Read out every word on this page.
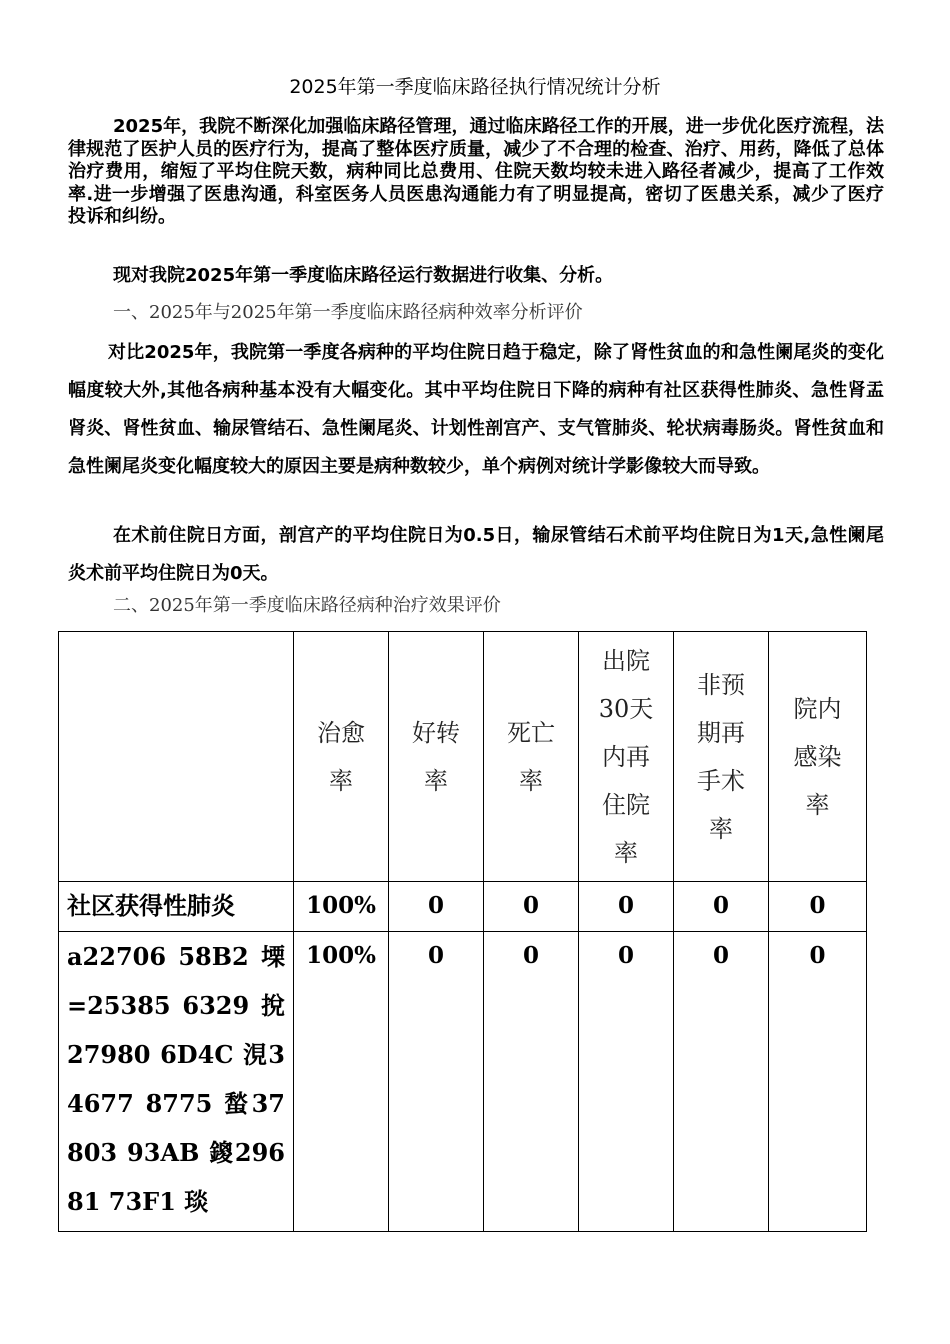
2025年第一季度临床路径执行情况统计分析
2025年，我院不断深化加强临床路径管理，通过临床路径工作的开展，进一步优化医疗流程，法律规范了医护人员的医疗行为，提高了整体医疗质量，减少了不合理的检查、治疗、用药，降低了总体治疗费用，缩短了平均住院天数，病种同比总费用、住院天数均较未进入路径者减少，提高了工作效率.进一步增强了医患沟通，科室医务人员医患沟通能力有了明显提高，密切了医患关系，减少了医疗投诉和纠纷。
现对我院2025年第一季度临床路径运行数据进行收集、分析。
一、2025年与2025年第一季度临床路径病种效率分析评价
对比2025年，我院第一季度各病种的平均住院日趋于稳定，除了肾性贫血的和急性阑尾炎的变化幅度较大外,其他各病种基本没有大幅变化。其中平均住院日下降的病种有社区获得性肺炎、急性肾盂肾炎、肾性贫血、输尿管结石、急性阑尾炎、计划性剖宫产、支气管肺炎、轮状病毒肠炎。肾性贫血和急性阑尾炎变化幅度较大的原因主要是病种数较少，单个病例对统计学影像较大而导致。
在术前住院日方面，剖宫产的平均住院日为0.5日，输尿管结石术前平均住院日为1天,急性阑尾炎术前平均住院日为0天。
二、2025年第一季度临床路径病种治疗效果评价

	治愈率	好转率	死亡率	出院30天内再住院率	非预期再手术率	院内感染率

社区获得性肺炎	100%	0	0	0	0	0
a22706 58B2 塛=25385 6329 挩27980 6D4C 涀34677 8775 蝵37803 93AB 鎫29681 73F1 琰	100%	0	0	0	0	0
